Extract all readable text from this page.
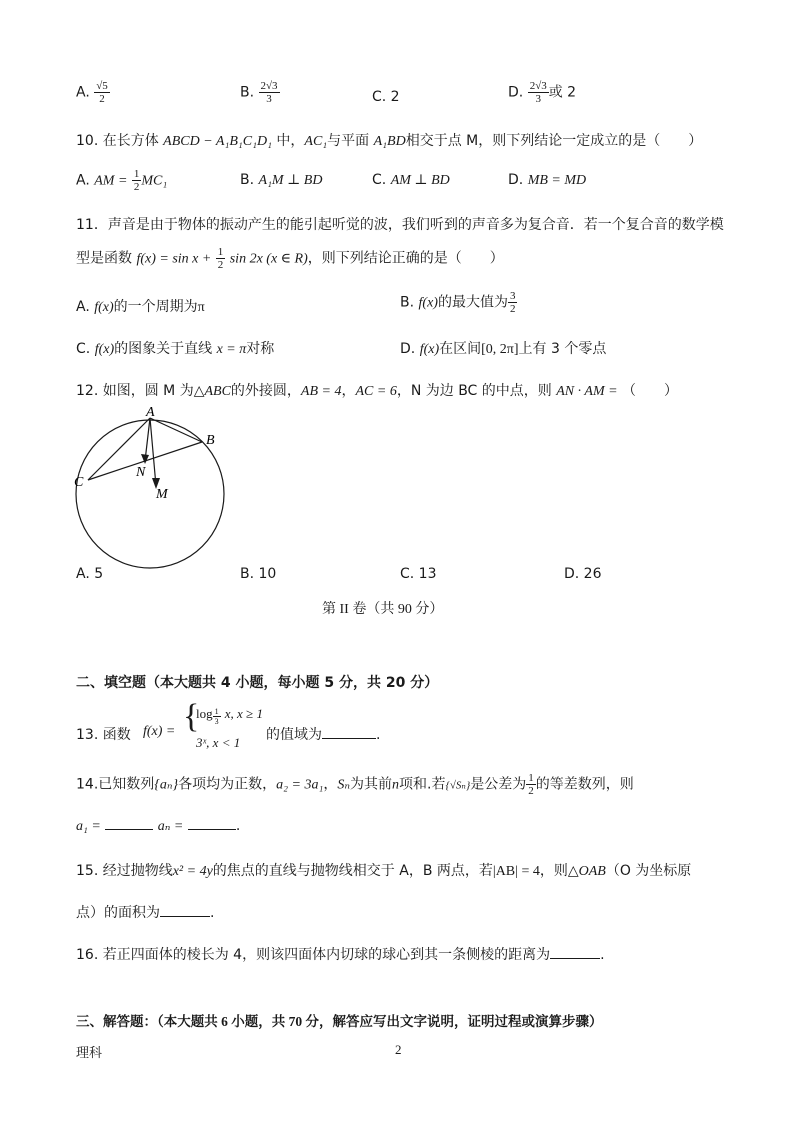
A. $\frac{√5}{2}$	B. $\frac{2√3}{3}$	C. 2	D. $\frac{2√3}{3}$ 或 2
10. 在长方体 ABCD − A₁B₁C₁D₁ 中，AC₁与平面 A₁BD相交于点 M，则下列结论一定成立的是（　　）
A. AM = $\frac{1}{2} MC_1$	B. A₁M ⊥ BD	C. AM ⊥ BD	D. MB = MD
11．声音是由于物体的振动产生的能引起听觉的波，我们听到的声音多为复合音．若一个复合音的数学模
型是函数 $f(x) = \sin x + \frac{1}{2}$ sin 2x (x ∈ R)，则下列结论正确的是（　　）
A. f(x)的一个周期为π	B. f(x)的最大值为 $\frac{3}{2}$
C. f(x)的图象关于直线 x = π对称	D. f(x)在区间[0, 2π]上有 3 个零点
12. 如图，圆 M 为△ABC的外接圆，AB = 4，AC = 6，N 为边 BC 的中点，则 AN · AM = （　　）
A
B
C
N
M
A. 5	B. 10	C. 13	D. 26
第 II 卷（共 90 分）
二、填空题（本大题共 4 小题，每小题 5 分，共 20 分）
13. 函数 f(x) = {
$\log \frac{1}{3} x$, x ≥ 1
3ˣ, x < 1 的值域为	.
14.已知数列{aₙ}各项均为正数，a₂ = 3a₁，Sₙ为其前n项和.若{√Sₙ}是公差为 $\frac{1}{2}$ 的等差数列，则
a₁ =	aₙ =	.
15. 经过抛物线x² = 4y的焦点的直线与抛物线相交于 A，B 两点，若|AB| = 4，则△OAB（O 为坐标原
点）的面积为	.
16. 若正四面体的棱长为 4，则该四面体内切球的球心到其一条侧棱的距离为	.
三、解答题：（本大题共 6 小题，共 70 分，解答应写出文字说明，证明过程或演算步骤）
理科	2
